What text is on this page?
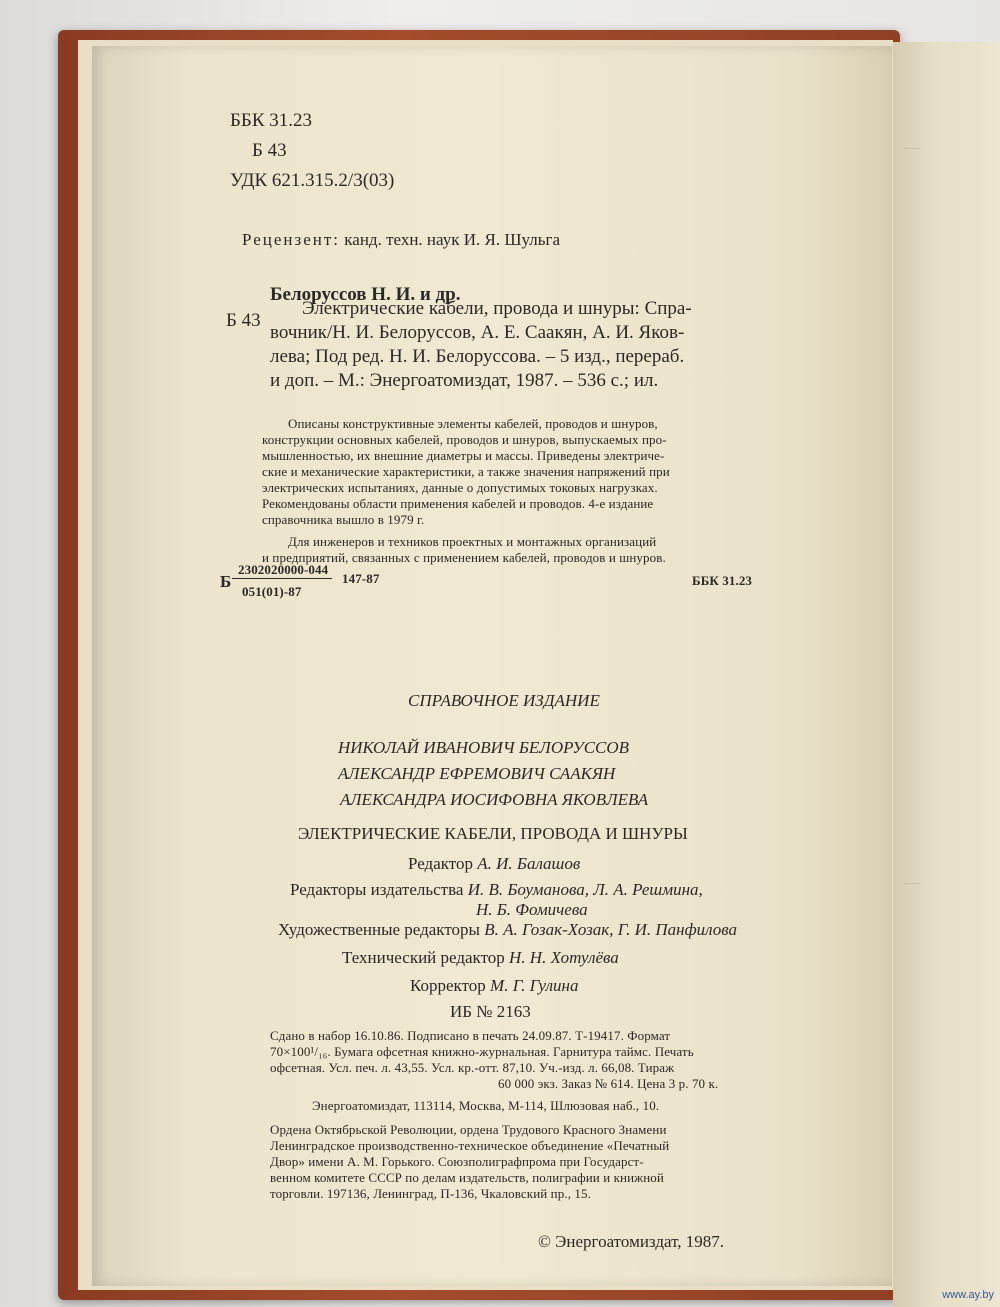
—
—
ББК 31.23
Б 43
УДК 621.315.2/3(03)
Рецензент: канд. техн. наук И. Я. Шульга
Белоруссов Н. И. и др.
Б 43
Электрические кабели, провода и шнуры: Спра-
вочник/Н. И. Белоруссов, А. Е. Саакян, А. И. Яков-
лева; Под ред. Н. И. Белоруссова. – 5 изд., перераб.
и доп. – М.: Энергоатомиздат, 1987. – 536 с.; ил.
Описаны конструктивные элементы кабелей, проводов и шнуров,
конструкции основных кабелей, проводов и шнуров, выпускаемых про-
мышленностью, их внешние диаметры и массы. Приведены электриче-
ские и механические характеристики, а также значения напряжений при
электрических испытаниях, данные о допустимых токовых нагрузках.
Рекомендованы области применения кабелей и проводов. 4-е издание
справочника вышло в 1979 г.
Для инженеров и техников проектных и монтажных организаций
и предприятий, связанных с применением кабелей, проводов и шнуров.
Б
2302020000-044
051(01)-87
147-87	ББК 31.23
СПРАВОЧНОЕ ИЗДАНИЕ
НИКОЛАЙ ИВАНОВИЧ БЕЛОРУССОВ
АЛЕКСАНДР ЕФРЕМОВИЧ СААКЯН
АЛЕКСАНДРА ИОСИФОВНА ЯКОВЛЕВА
ЭЛЕКТРИЧЕСКИЕ КАБЕЛИ, ПРОВОДА И ШНУРЫ
Редактор А. И. Балашов
Редакторы издательства И. В. Боуманова, Л. А. Решмина,
Н. Б. Фомичева
Художественные редакторы В. А. Гозак-Хозак, Г. И. Панфилова
Технический редактор Н. Н. Хотулёва
Корректор М. Г. Гулина
ИБ № 2163
Сдано в набор 16.10.86. Подписано в печать 24.09.87. Т-19417. Формат
70×100¹/₁₆. Бумага офсетная книжно-журнальная. Гарнитура таймс. Печать
офсетная. Усл. печ. л. 43,55. Усл. кр.-отт. 87,10. Уч.-изд. л. 66,08. Тираж
60 000 экз. Заказ № 614. Цена 3 р. 70 к.
Энергоатомиздат, 113114, Москва, М-114, Шлюзовая наб., 10.
Ордена Октябрьской Революции, ордена Трудового Красного Знамени
Ленинградское производственно-техническое объединение «Печатный
Двор» имени А. М. Горького. Союзполиграфпрома при Государст-
венном комитете СССР по делам издательств, полиграфии и книжной
торговли. 197136, Ленинград, П-136, Чкаловский пр., 15.
© Энергоатомиздат, 1987.
www.ay.by
